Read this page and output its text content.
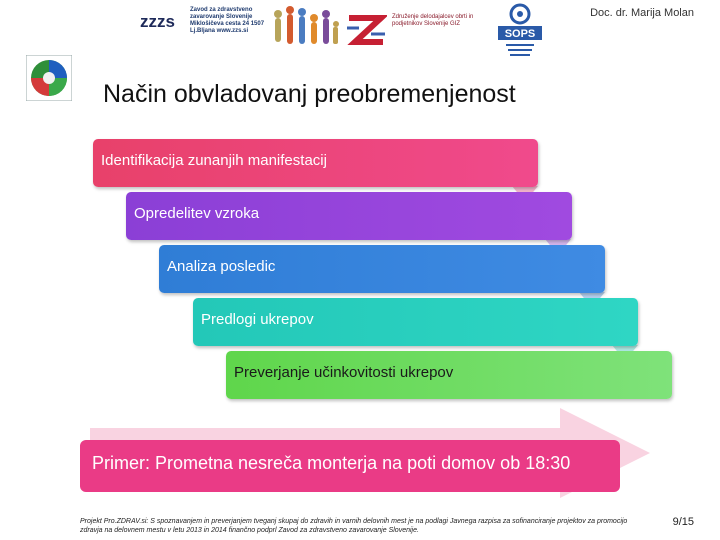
Doc. dr. Marija Molan
zzzs
Zavod za zdravstveno zavarovanje Slovenije Miklošičeva cesta 24 1507 Lj.Bljana www.zzs.si
Združenje delodajalcev obrti in podjetnikov Slovenije GIZ
SOPS
Način obvladovanj preobremenjenost
Identifikacija zunanjih manifestacij
Opredelitev vzroka
Analiza posledic
Predlogi ukrepov
Preverjanje učinkovitosti ukrepov
Primer: Prometna nesreča monterja na poti domov ob 18:30
Projekt Pro.ZDRAV.si: S spoznavanjem in preverjanjem tveganj skupaj do zdravih in varnih delovnih mest je na podlagi Javnega razpisa za sofinanciranje projektov za promocijo zdravja na delovnem mestu v letu 2013 in 2014 finančno podprl Zavod za zdravstveno zavarovanje Slovenije.
9/15
